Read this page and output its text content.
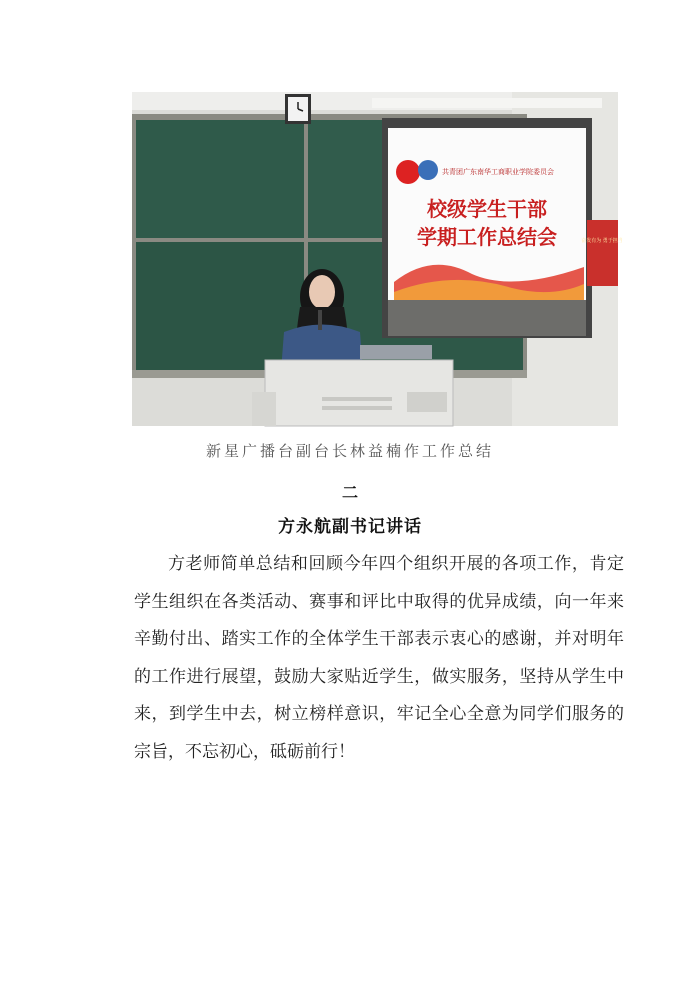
共青团广东南华工商职业学院委员会
校级学生干部
学期工作总结会	奋发有为 勇于担当
新星广播台副台长林益楠作工作总结
二
方永航副书记讲话
方老师简单总结和回顾今年四个组织开展的各项工作，肯定学生组织在各类活动、赛事和评比中取得的优异成绩，向一年来辛勤付出、踏实工作的全体学生干部表示衷心的感谢，并对明年的工作进行展望，鼓励大家贴近学生，做实服务，坚持从学生中来，到学生中去，树立榜样意识，牢记全心全意为同学们服务的宗旨，不忘初心，砥砺前行！
